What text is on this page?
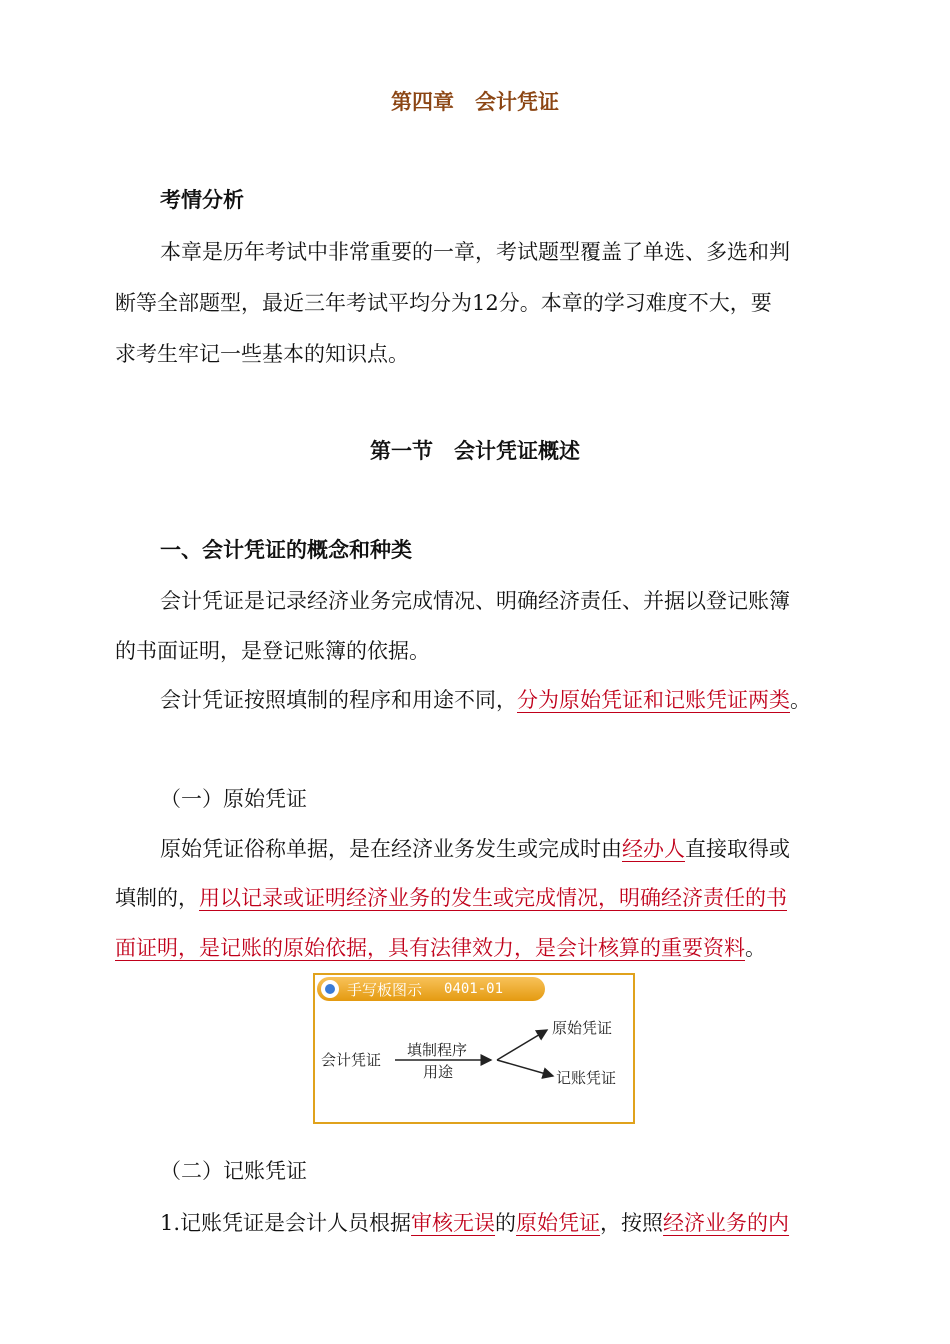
第四章　会计凭证
考情分析
本章是历年考试中非常重要的一章，考试题型覆盖了单选、多选和判
断等全部题型，最近三年考试平均分为12分。本章的学习难度不大，要
求考生牢记一些基本的知识点。
第一节　会计凭证概述
一、会计凭证的概念和种类
会计凭证是记录经济业务完成情况、明确经济责任、并据以登记账簿
的书面证明，是登记账簿的依据。
会计凭证按照填制的程序和用途不同，分为原始凭证和记账凭证两类。
（一）原始凭证
原始凭证俗称单据，是在经济业务发生或完成时由经办人直接取得或
填制的，用以记录或证明经济业务的发生或完成情况，明确经济责任的书
面证明，是记账的原始依据，具有法律效力，是会计核算的重要资料。
手写板图示 0401-01
会计凭证
填制程序
用途
原始凭证
记账凭证
（二）记账凭证
1.记账凭证是会计人员根据审核无误的原始凭证，按照经济业务的内
